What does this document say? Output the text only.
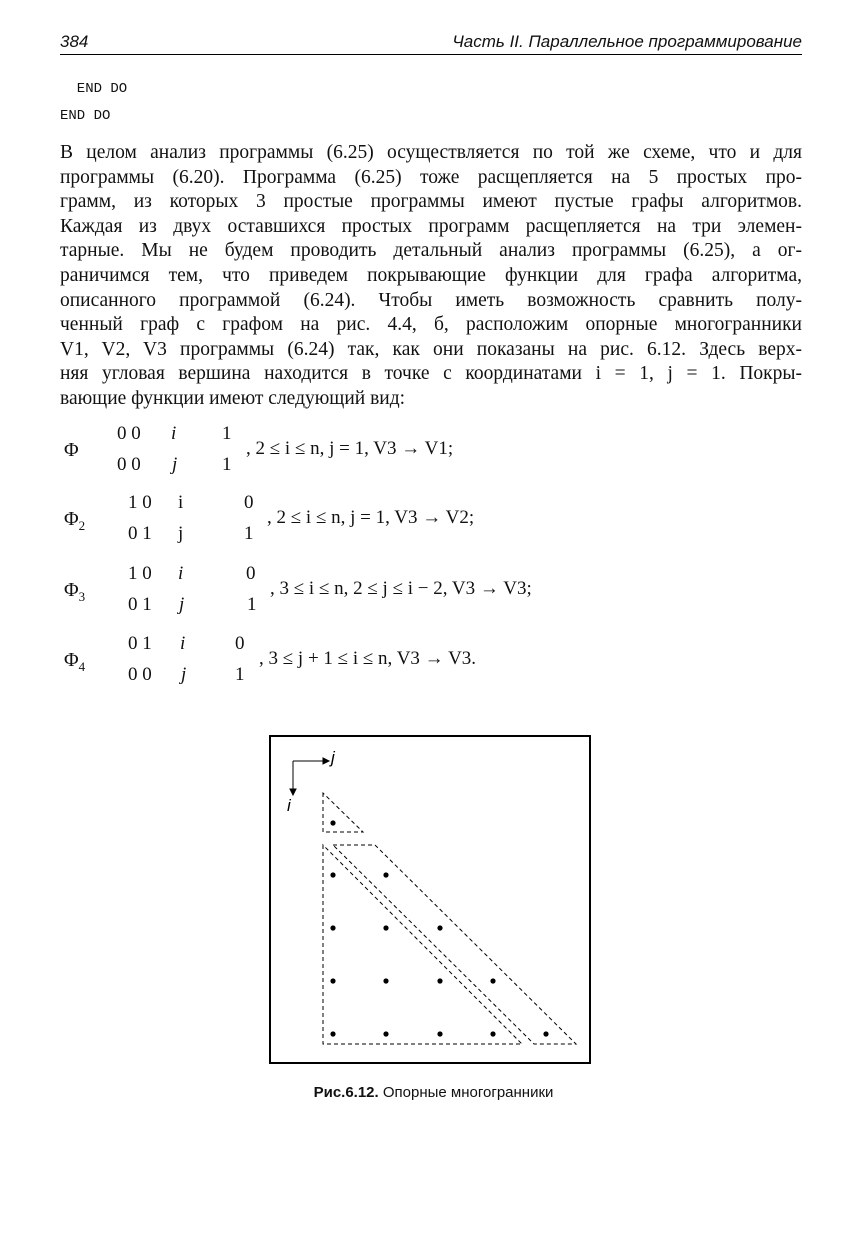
384	Часть II. Параллельное программирование
END DO
END DO
В целом анализ программы (6.25) осуществляется по той же схеме, что и для
программы (6.20). Программа (6.25) тоже расщепляется на 5 простых про-
грамм, из которых 3 простые программы имеют пустые графы алгоритмов.
Каждая из двух оставшихся простых программ расщепляется на три элемен-
тарные. Мы не будем проводить детальный анализ программы (6.25), а ог-
раничимся тем, что приведем покрывающие функции для графа алгоритма,
описанного программой (6.24). Чтобы иметь возможность сравнить полу-
ченный граф с графом на рис. 4.4, б, расположим опорные многогранники
V1, V2, V3 программы (6.24) так, как они показаны на рис. 6.12. Здесь верх-
няя угловая вершина находится в точке с координатами i = 1, j = 1. Покры-
вающие функции имеют следующий вид:
Φ
0 0 i 1
0 0 j 1
, 2 ≤ i ≤ n, j = 1, V3 → V1;
$\Phi_2$
1 0 i	0
0 1 j	1
, 2 ≤ i ≤ n, j = 1, V3 → V2;
$\Phi_3$
1 0 i	0
0 1 j	1
, 3 ≤ i ≤ n, 2 ≤ j ≤ i − 2, V3 → V3;
$\Phi_4$
0 1 i	0
0 0 j	1
, 3 ≤ j + 1 ≤ i ≤ n, V3 → V3.
j
i
Рис.6.12. Опорные многогранники
